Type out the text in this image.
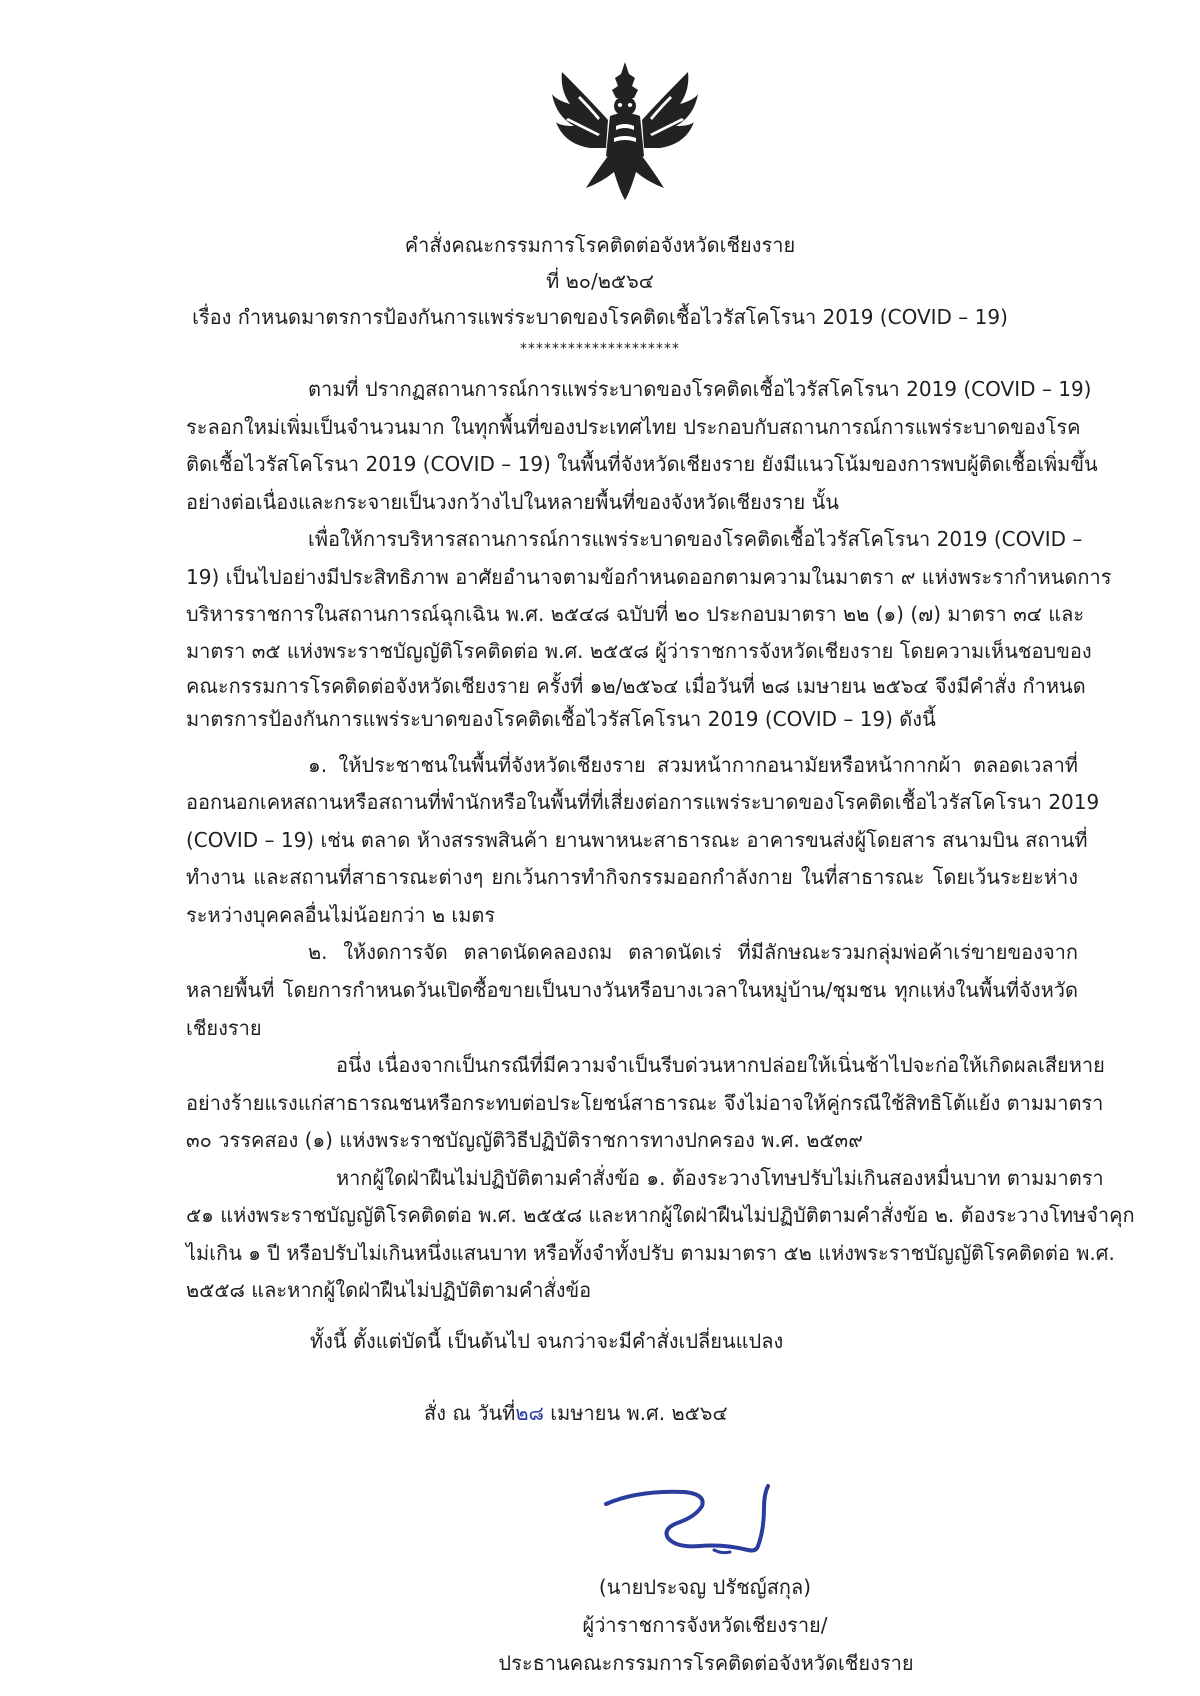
คำสั่งคณะกรรมการโรคติดต่อจังหวัดเชียงราย
ที่ ๒๐/๒๕๖๔
เรื่อง กำหนดมาตรการป้องกันการแพร่ระบาดของโรคติดเชื้อไวรัสโคโรนา 2019 (COVID – 19)
********************
ตามที่ ปรากฏสถานการณ์การแพร่ระบาดของโรคติดเชื้อไวรัสโคโรนา 2019 (COVID – 19)
ระลอกใหม่เพิ่มเป็นจำนวนมาก ในทุกพื้นที่ของประเทศไทย ประกอบกับสถานการณ์การแพร่ระบาดของโรค
ติดเชื้อไวรัสโคโรนา 2019 (COVID – 19) ในพื้นที่จังหวัดเชียงราย ยังมีแนวโน้มของการพบผู้ติดเชื้อเพิ่มขึ้น
อย่างต่อเนื่องและกระจายเป็นวงกว้างไปในหลายพื้นที่ของจังหวัดเชียงราย นั้น
เพื่อให้การบริหารสถานการณ์การแพร่ระบาดของโรคติดเชื้อไวรัสโคโรนา 2019 (COVID –
19) เป็นไปอย่างมีประสิทธิภาพ อาศัยอำนาจตามข้อกำหนดออกตามความในมาตรา ๙ แห่งพระรากำหนดการ
บริหารราชการในสถานการณ์ฉุกเฉิน พ.ศ. ๒๕๔๘ ฉบับที่ ๒๐ ประกอบมาตรา ๒๒ (๑) (๗) มาตรา ๓๔ และ
มาตรา ๓๕ แห่งพระราชบัญญัติโรคติดต่อ พ.ศ. ๒๕๕๘ ผู้ว่าราชการจังหวัดเชียงราย โดยความเห็นชอบของ
คณะกรรมการโรคติดต่อจังหวัดเชียงราย ครั้งที่ ๑๒/๒๕๖๔ เมื่อวันที่ ๒๘ เมษายน ๒๕๖๔ จึงมีคำสั่ง กำหนด
มาตรการป้องกันการแพร่ระบาดของโรคติดเชื้อไวรัสโคโรนา 2019 (COVID – 19) ดังนี้
๑. ให้ประชาชนในพื้นที่จังหวัดเชียงราย สวมหน้ากากอนามัยหรือหน้ากากผ้า ตลอดเวลาที่
ออกนอกเคหสถานหรือสถานที่พำนักหรือในพื้นที่ที่เสี่ยงต่อการแพร่ระบาดของโรคติดเชื้อไวรัสโคโรนา 2019
(COVID – 19) เช่น ตลาด ห้างสรรพสินค้า ยานพาหนะสาธารณะ อาคารขนส่งผู้โดยสาร สนามบิน สถานที่
ทำงาน และสถานที่สาธารณะต่างๆ ยกเว้นการทำกิจกรรมออกกำลังกาย ในที่สาธารณะ โดยเว้นระยะห่าง
ระหว่างบุคคลอื่นไม่น้อยกว่า ๒ เมตร
๒. ให้งดการจัด ตลาดนัดคลองถม ตลาดนัดเร่ ที่มีลักษณะรวมกลุ่มพ่อค้าเร่ขายของจาก
หลายพื้นที่ โดยการกำหนดวันเปิดซื้อขายเป็นบางวันหรือบางเวลาในหมู่บ้าน/ชุมชน ทุกแห่งในพื้นที่จังหวัด
เชียงราย
อนึ่ง เนื่องจากเป็นกรณีที่มีความจำเป็นรีบด่วนหากปล่อยให้เนิ่นช้าไปจะก่อให้เกิดผลเสียหาย
อย่างร้ายแรงแก่สาธารณชนหรือกระทบต่อประโยชน์สาธารณะ จึงไม่อาจให้คู่กรณีใช้สิทธิโต้แย้ง ตามมาตรา
๓๐ วรรคสอง (๑) แห่งพระราชบัญญัติวิธีปฏิบัติราชการทางปกครอง พ.ศ. ๒๕๓๙
หากผู้ใดฝ่าฝืนไม่ปฏิบัติตามคำสั่งข้อ ๑. ต้องระวางโทษปรับไม่เกินสองหมื่นบาท ตามมาตรา
๕๑ แห่งพระราชบัญญัติโรคติดต่อ พ.ศ. ๒๕๕๘ และหากผู้ใดฝ่าฝืนไม่ปฏิบัติตามคำสั่งข้อ ๒. ต้องระวางโทษจำคุก
ไม่เกิน ๑ ปี หรือปรับไม่เกินหนึ่งแสนบาท หรือทั้งจำทั้งปรับ ตามมาตรา ๕๒ แห่งพระราชบัญญัติโรคติดต่อ พ.ศ.
๒๕๕๘ และหากผู้ใดฝ่าฝืนไม่ปฏิบัติตามคำสั่งข้อ
ทั้งนี้ ตั้งแต่บัดนี้ เป็นต้นไป จนกว่าจะมีคำสั่งเปลี่ยนแปลง
สั่ง ณ วันที่๒๘ เมษายน พ.ศ. ๒๕๖๔
(นายประจญ ปรัชญ์สกุล)
ผู้ว่าราชการจังหวัดเชียงราย/
ประธานคณะกรรมการโรคติดต่อจังหวัดเชียงราย
